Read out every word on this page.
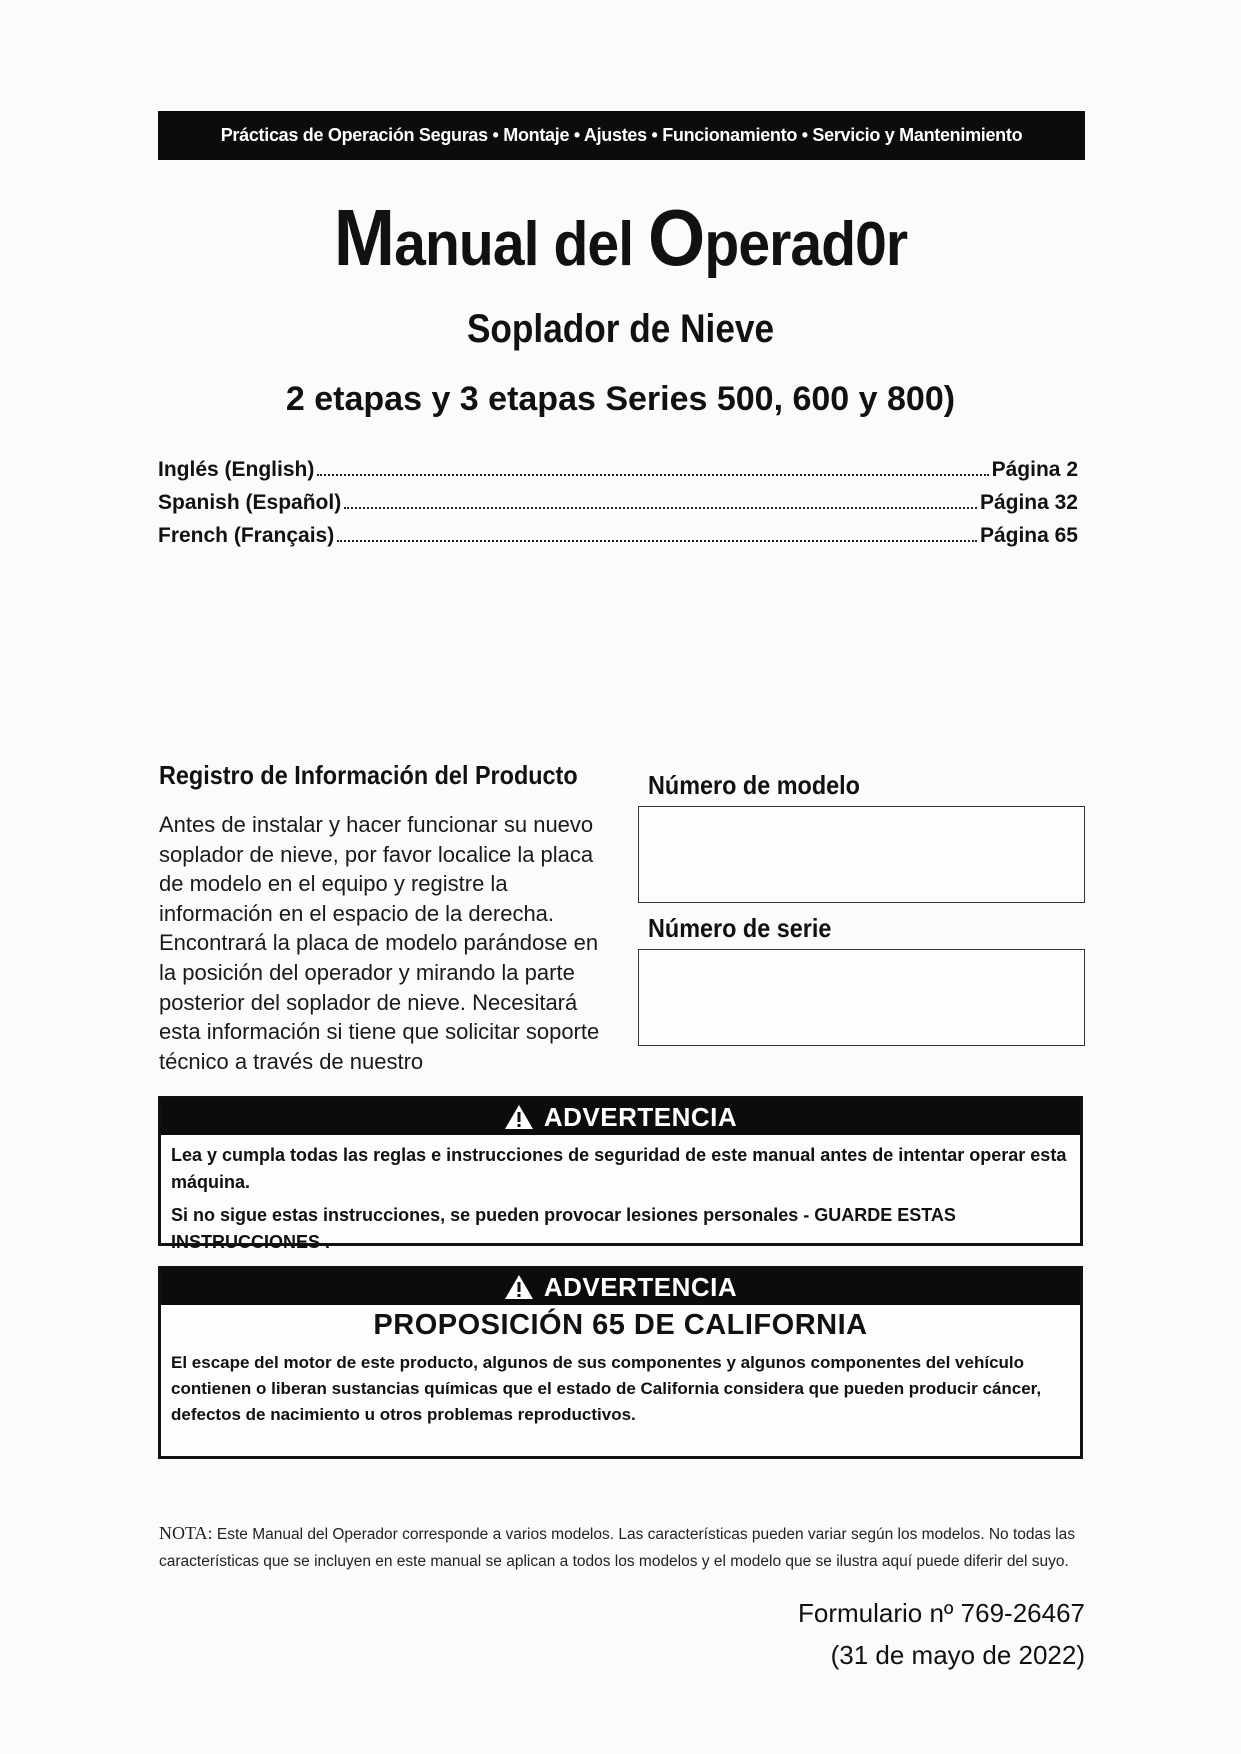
Prácticas de Operación Seguras • Montaje • Ajustes • Funcionamiento • Servicio y Mantenimiento
Manual del Operad0r
Soplador de Nieve
2 etapas y 3 etapas Series 500, 600 y 800)
Inglés (English)	Página 2
Spanish (Español)	Página 32
French (Français)	Página 65
Registro de Información del Producto
Antes de instalar y hacer funcionar su nuevo soplador de nieve, por favor localice la placa de modelo en el equipo y registre la información en el espacio de la derecha. Encontrará la placa de modelo parándose en la posición del operador y mirando la parte posterior del soplador de nieve. Necesitará esta información si tiene que solicitar soporte técnico a través de nuestro
Número de modelo
Número de serie
ADVERTENCIA

Lea y cumpla todas las reglas e instrucciones de seguridad de este manual antes de intentar operar esta máquina.

Si no sigue estas instrucciones, se pueden provocar lesiones personales - GUARDE ESTAS INSTRUCCIONES .

ADVERTENCIA
PROPOSICIÓN 65 DE CALIFORNIA
El escape del motor de este producto, algunos de sus componentes y algunos componentes del vehículo contienen o liberan sustancias químicas que el estado de California considera que pueden producir cáncer, defectos de nacimiento u otros problemas reproductivos.
NOTA: Este Manual del Operador corresponde a varios modelos. Las características pueden variar según los modelos. No todas las características que se incluyen en este manual se aplican a todos los modelos y el modelo que se ilustra aquí puede diferir del suyo.
Formulario nº 769-26467
(31 de mayo de 2022)
